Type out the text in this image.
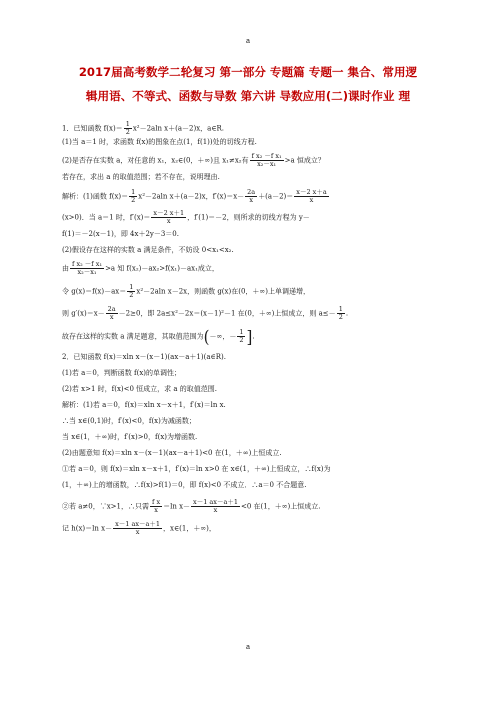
a
2017届高考数学二轮复习 第一部分 专题篇 专题一 集合、常用逻
辑用语、不等式、函数与导数 第六讲 导数应用(二)课时作业 理
1．已知函数 $f(x)= \frac{1}{2} x^2-2aln$ x＋(a－2)x，a∈R.
(1)当 a＝1 时，求函数 f(x)的图象在点(1，f(1))处的切线方程.
(2)是否存在实数 a，对任意的 x₁，x₂∈(0，＋∞)且 x₁≠x₂有 $\frac{\text{f x₂ －f x₁}}{\text{x₂－x₁}} >a$ 恒成立？
若存在，求出 a 的取值范围；若不存在，说明理由.
解析：(1)函数 $f(x)= \frac{1}{2} x^2-2aln$ x＋(a－2)x，$f'(x)=x- \frac{2a}{x} +(a-2)= \frac{x-2 x+a}{x}$
(x>0)．当 a＝1 时，$f'(x)= \frac{x-2 x+1}{x}$ ，f′(1)＝－2，则所求的切线方程为 y－
f(1)＝－2(x－1)，即 4x＋2y－3＝0.
(2)假设存在这样的实数 a 满足条件，不妨设 0<x₁<x₂.
由 $\frac{\text{f x₂ －f x₁}}{\text{x₂－x₁}} >a$ 知 f(x₂)－ax₂>f(x₁)－ax₁成立，
令 $g(x)=f(x)-ax= \frac{1}{2} x^2-2aln$ x－2x，则函数 g(x)在(0，＋∞)上单调递增，
则 $g'(x)=x- \frac{2a}{x} -2\ge 0$，即 2a≤x²－2x＝(x－1)²－1 在(0，＋∞)上恒成立，则 $a\le- \frac{1}{2}$ .
故存在这样的实数 a 满足题意，其取值范围为(－∞，－ $\frac{1}{2}$ ].
2．已知函数 f(x)＝xln x－(x－1)(ax－a＋1)(a∈R).
(1)若 a＝0，判断函数 f(x)的单调性；
(2)若 x>1 时，f(x)<0 恒成立，求 a 的取值范围.
解析：(1)若 a＝0，f(x)＝xln x－x＋1，f′(x)＝ln x.
∴当 x∈(0,1)时，f′(x)<0，f(x)为减函数；
当 x∈(1，＋∞)时，f′(x)>0，f(x)为增函数.
(2)由题意知 f(x)＝xln x－(x－1)(ax－a＋1)<0 在(1，＋∞)上恒成立.
①若 a＝0，则 f(x)＝xln x－x＋1，f′(x)＝ln x>0 在 x∈(1，＋∞)上恒成立，∴f(x)为
(1，＋∞)上的增函数，∴f(x)>f(1)＝0，即 f(x)<0 不成立．∴a＝0 不合题意.
②若 a≠0，∵x>1，∴只需 $\frac{\text{f x}}{x} =\ln$ $x- \frac{x-1 ax-a+1}{x} <0$ 在(1，＋∞)上恒成立.
记 h(x)＝ln $x- \frac{x-1 ax-a+1}{x}$ ，x∈(1，＋∞)，
a
